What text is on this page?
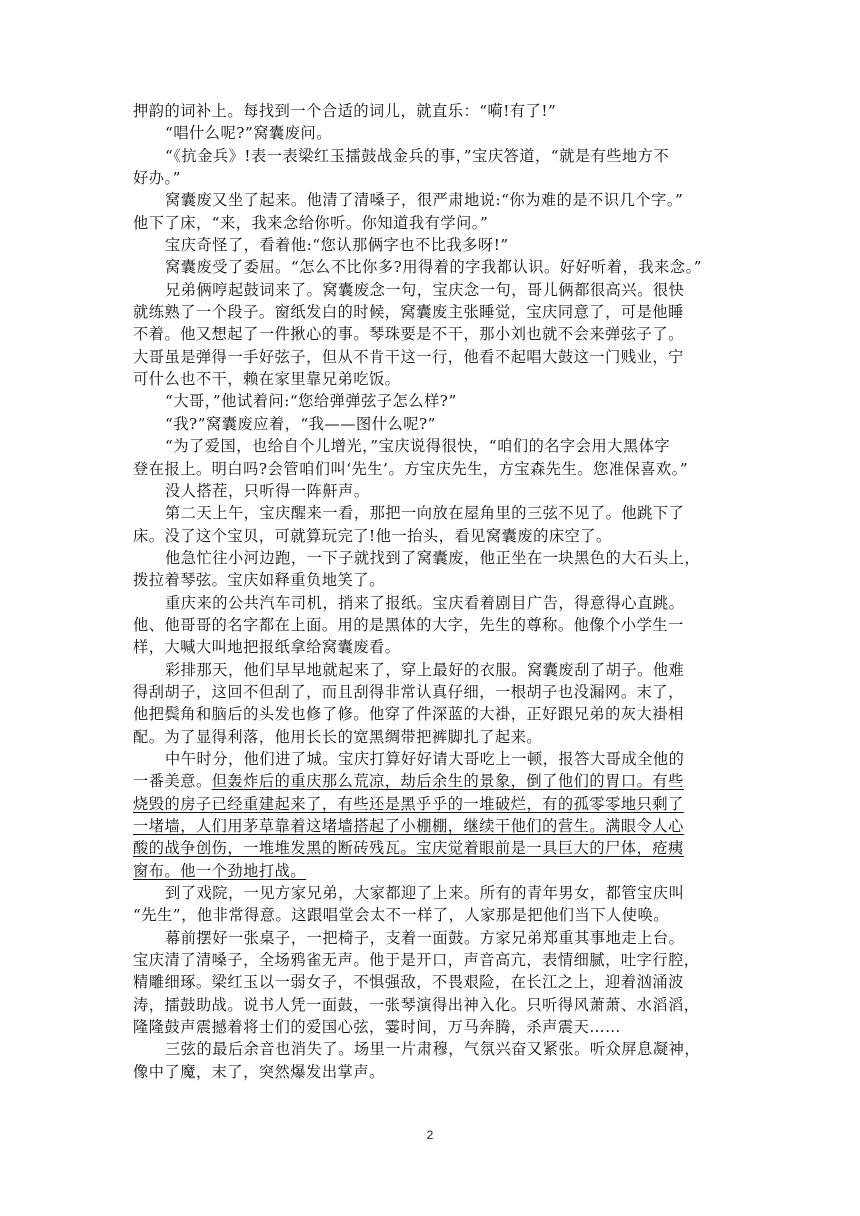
押韵的词补上。每找到一个合适的词儿，就直乐：“嗬!有了!”
“唱什么呢?”窝囊废问。
“《抗金兵》!表一表梁红玉擂鼓战金兵的事，”宝庆答道，“就是有些地方不
好办。”
窝囊废又坐了起来。他清了清嗓子，很严肃地说:“你为难的是不识几个字。”
他下了床，“来，我来念给你听。你知道我有学问。”
宝庆奇怪了，看着他:“您认那俩字也不比我多呀!”
窝囊废受了委屈。“怎么不比你多?用得着的字我都认识。好好听着，我来念。”
兄弟俩哼起鼓词来了。窝囊废念一句，宝庆念一句，哥儿俩都很高兴。很快
就练熟了一个段子。窗纸发白的时候，窝囊废主张睡觉，宝庆同意了，可是他睡
不着。他又想起了一件揪心的事。琴珠要是不干，那小刘也就不会来弹弦子了。
大哥虽是弹得一手好弦子，但从不肯干这一行，他看不起唱大鼓这一门贱业，宁
可什么也不干，赖在家里靠兄弟吃饭。
“大哥，”他试着问:“您给弹弹弦子怎么样?”
“我?”窝囊废应着，“我——图什么呢?”
“为了爱国，也给自个儿增光，”宝庆说得很快，“咱们的名字会用大黑体字
登在报上。明白吗?会管咱们叫‘先生’。方宝庆先生，方宝森先生。您准保喜欢。”
没人搭茬，只听得一阵鼾声。
第二天上午，宝庆醒来一看，那把一向放在屋角里的三弦不见了。他跳下了
床。没了这个宝贝，可就算玩完了!他一抬头，看见窝囊废的床空了。
他急忙往小河边跑，一下子就找到了窝囊废，他正坐在一块黑色的大石头上，
拨拉着琴弦。宝庆如释重负地笑了。
重庆来的公共汽车司机，捎来了报纸。宝庆看着剧目广告，得意得心直跳。
他、他哥哥的名字都在上面。用的是黑体的大字，先生的尊称。他像个小学生一
样，大喊大叫地把报纸拿给窝囊废看。
彩排那天，他们早早地就起来了，穿上最好的衣服。窝囊废刮了胡子。他难
得刮胡子，这回不但刮了，而且刮得非常认真仔细，一根胡子也没漏网。末了，
他把鬓角和脑后的头发也修了修。他穿了件深蓝的大褂，正好跟兄弟的灰大褂相
配。为了显得利落，他用长长的宽黑绸带把裤脚扎了起来。
中午时分，他们进了城。宝庆打算好好请大哥吃上一顿，报答大哥成全他的
一番美意。但轰炸后的重庆那么荒凉，劫后余生的景象，倒了他们的胃口。有些
烧毁的房子已经重建起来了，有些还是黑乎乎的一堆破烂，有的孤零零地只剩了
一堵墙，人们用茅草靠着这堵墙搭起了小棚棚，继续干他们的营生。满眼令人心
酸的战争创伤，一堆堆发黑的断砖残瓦。宝庆觉着眼前是一具巨大的尸体，疮痍
窗布。他一个劲地打战。
到了戏院，一见方家兄弟，大家都迎了上来。所有的青年男女，都管宝庆叫
“先生”，他非常得意。这跟唱堂会太不一样了，人家那是把他们当下人使唤。
幕前摆好一张桌子，一把椅子，支着一面鼓。方家兄弟郑重其事地走上台。
宝庆清了清嗓子，全场鸦雀无声。他于是开口，声音高亢，表情细腻，吐字行腔，
精雕细琢。梁红玉以一弱女子，不惧强敌，不畏艰险，在长江之上，迎着汹涌波
涛，擂鼓助战。说书人凭一面鼓，一张琴演得出神入化。只听得风萧萧、水滔滔，
隆隆鼓声震撼着将士们的爱国心弦，霎时间，万马奔腾，杀声震天……
三弦的最后余音也消失了。场里一片肃穆，气氛兴奋又紧张。听众屏息凝神，
像中了魔，末了，突然爆发出掌声。
2
